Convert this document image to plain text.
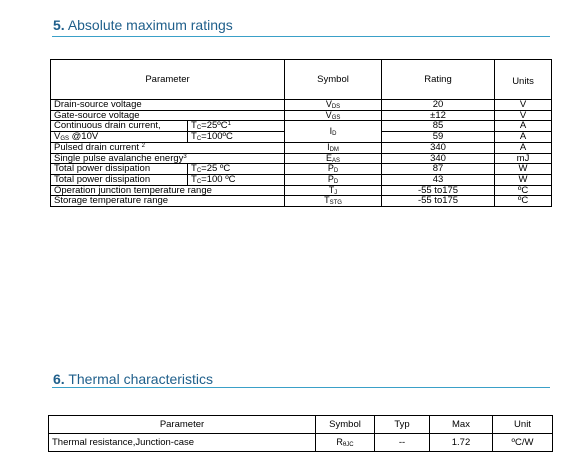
5. Absolute maximum ratings
Parameter		Symbol	Rating	Units
Drain-source voltage		$V_{DS}$	20	V
Gate-source voltage		$V_{GS}$	±12	V
Continuous drain current,	$T_C=25ºC^1$	$I_D$	85	A
$V_{GS}$ @10V	$T_C=100ºC$		59	A
Pulsed drain current $^2$		$I_{DM}$	340	A
Single pulse avalanche energy$^3$		$E_{AS}$	340	mJ
Total power dissipation	$T_C=25$ ºC	$P_D$	87	W
Total power dissipation	$T_C=100$ ºC	$P_D$	43	W
Operation junction temperature range		$T_J$	-55 to175	ºC
Storage temperature range		$T_{STG}$	-55 to175	ºC
6. Thermal characteristics
Parameter	Symbol	Typ	Max	Unit
Thermal resistance,Junction-case	$R_{\theta JC}$	--	1.72	ºC/W
